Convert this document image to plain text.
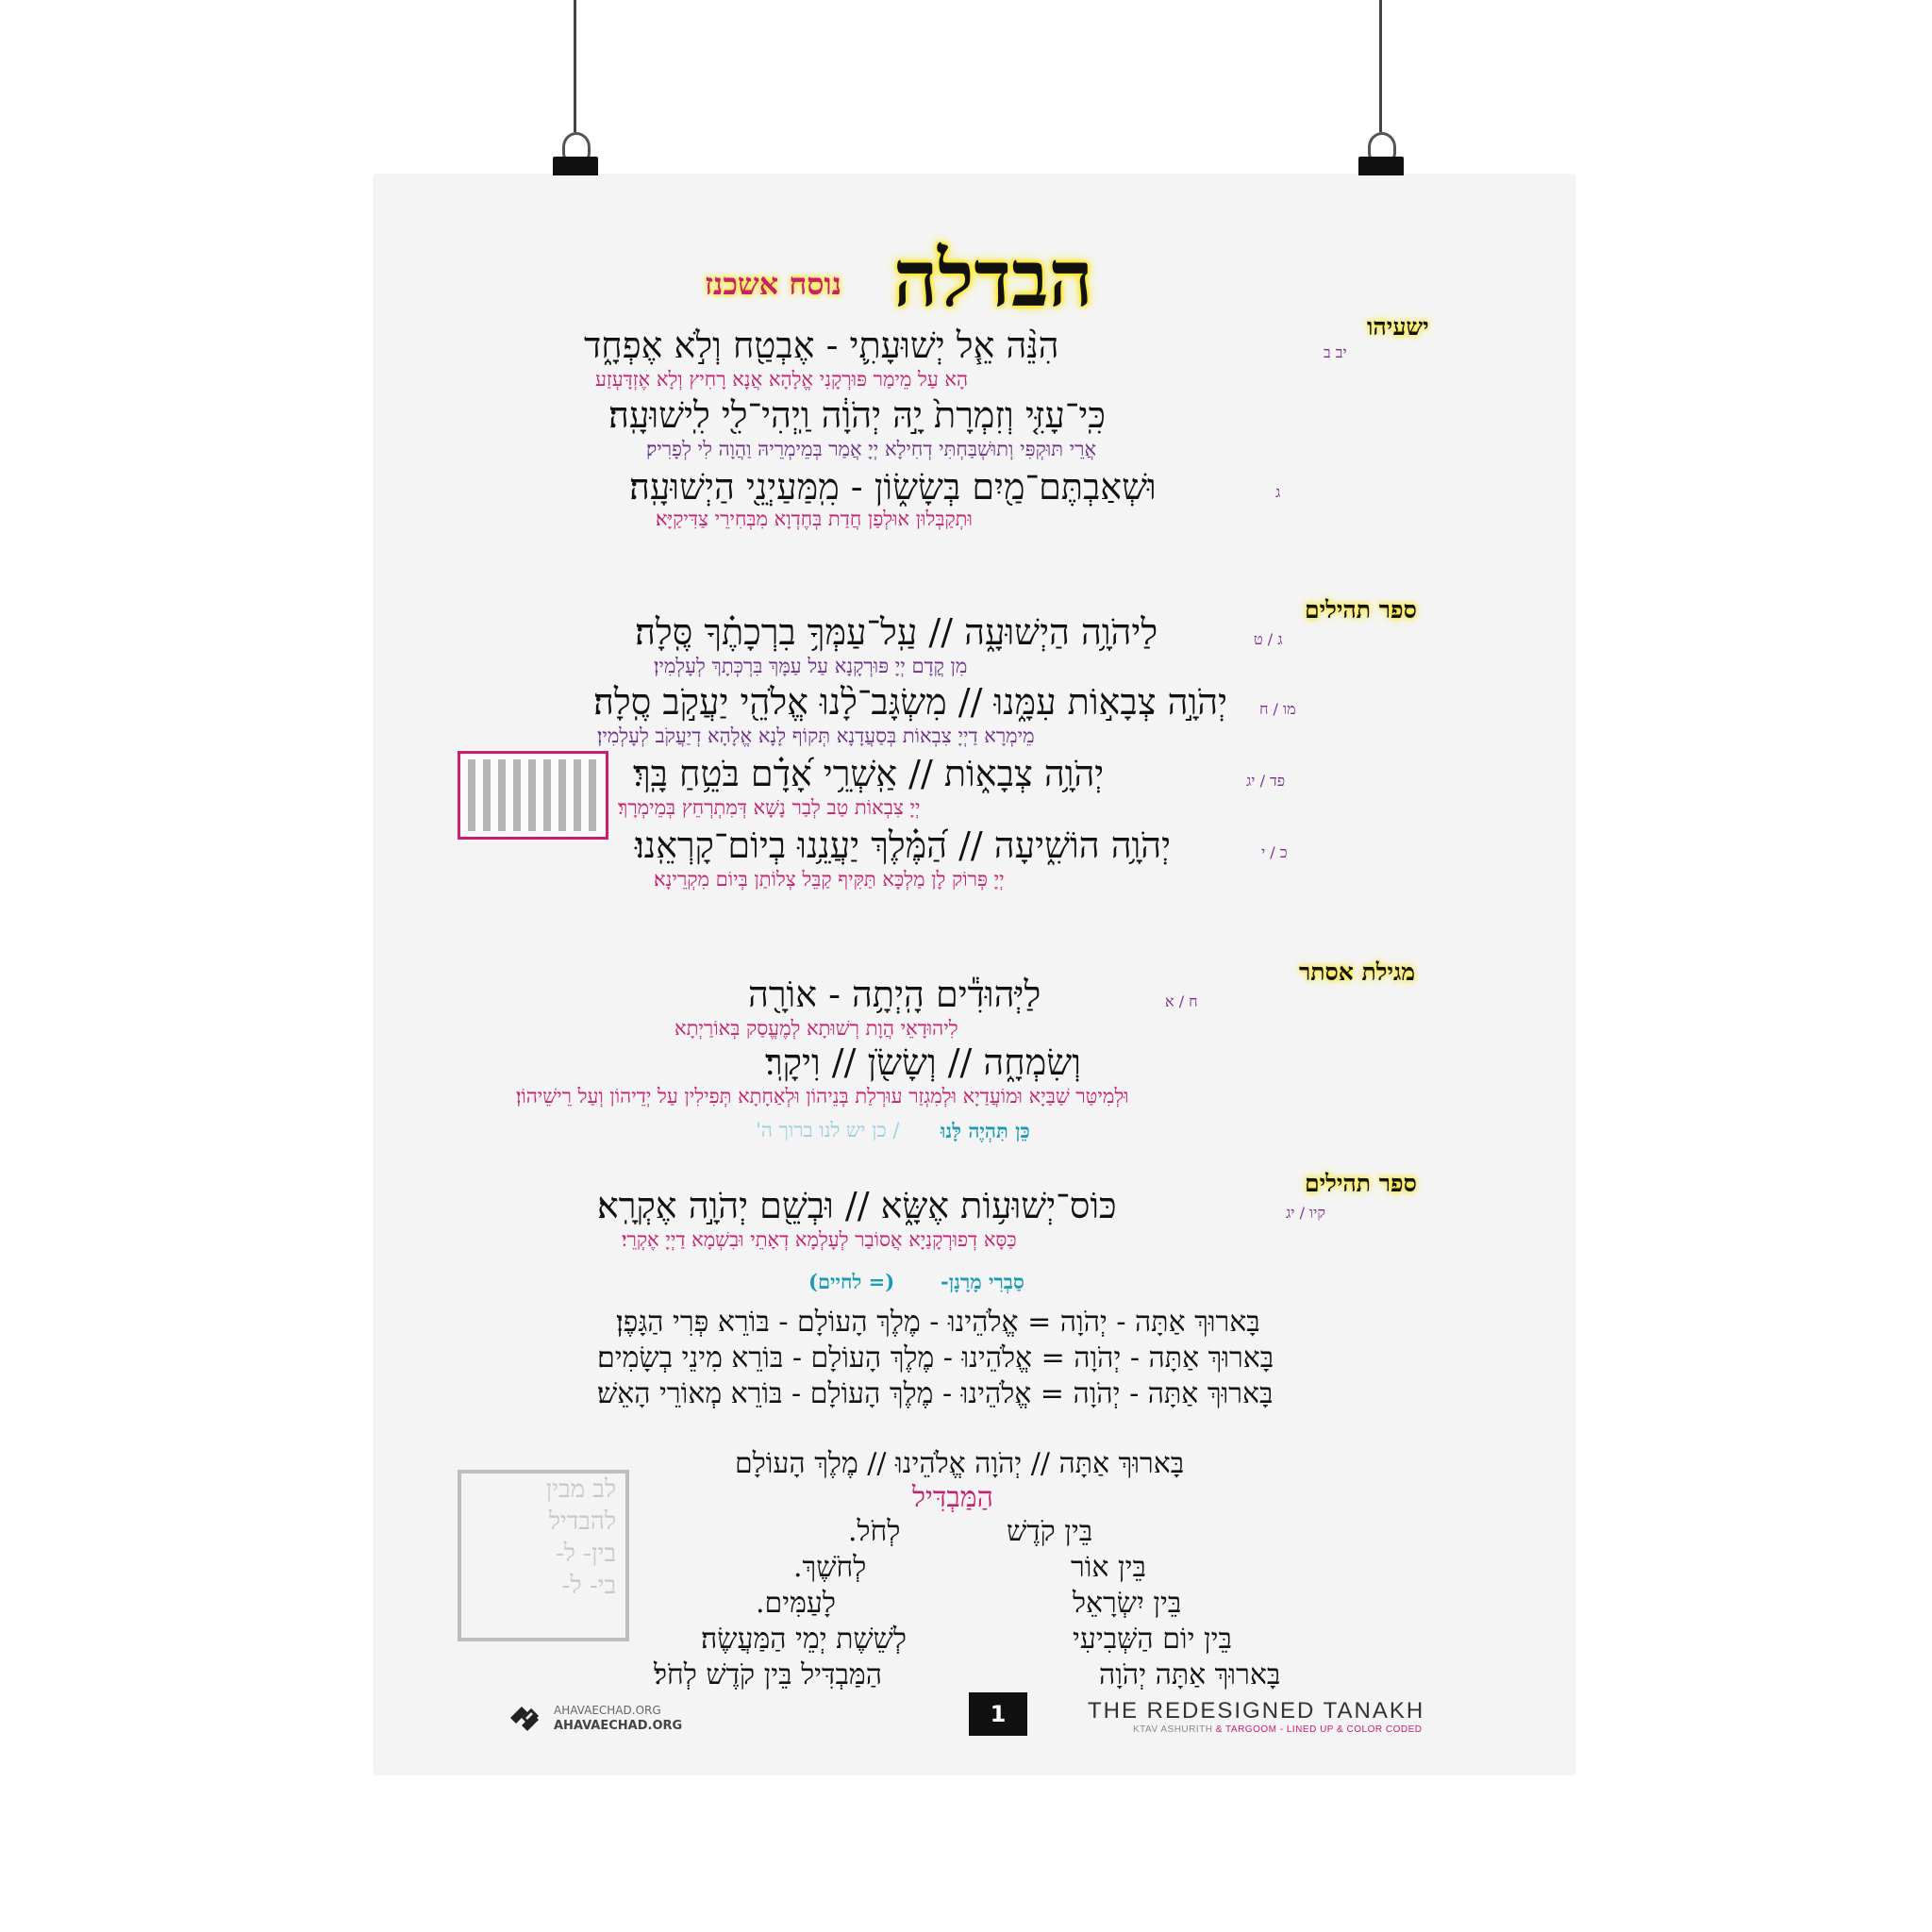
הבדלה
נוסח אשכנז
ישעיהו
יב ב
הִנֵּ֨ה אֵ֧ל יְשׁוּעָתִ֛י - אֶבְטַ֖ח וְלֹ֣א אֶפְחָ֑ד
הָא עַל מֵימַר פּוּרְקָנִי אֱלָהָא אֲנָא רָחִיץ וְלָא אֶזְדָּעְזַע
כִּֽי־עָזִּ֤י וְזִמְרָת֙ יָ֣הּ יְהֹוָ֔ה וַֽיְהִי־לִ֖י לִֽישׁוּעָֽה׃
אֲרֵי תּוּקְפִּי וְתוּשְׁבַּחְתִּי דְחִילָא יְיָ אֲמַר בְּמֵימְרֵיהּ וַהֲוָה לִי לְפָרִיק׃
ג
וּשְׁאַבְתֶּם־מַ֖יִם בְּשָׂשׂ֑וֹן - מִֽמַּעַיְנֵ֖י הַיְשׁוּעָֽה׃
וּתְקַבְּלוּן אוּלְפַן חֲדַת בְּחֶדְוָא מִבְּחִירֵי צַדִּיקַיָּא׃
ספר תהילים
ג / ט
לַיהֹוָ֥ה הַיְשׁוּעָ֑ה // עַֽל־עַמְּךָ֥ בִרְכָתֶ֗ךָ סֶּֽלָה׃
מִן קֳדָם יְיָ פּוּרְקָנָא עַל עַמָּךְ בִּרְכְּתָךְ לְעָלְמִין׃
מו / ח
יְהֹוָ֣ה צְבָא֣וֹת עִמָּ֑נוּ // מִשְׂגָּב־לָ֨נוּ אֱלֹהֵ֖י יַעֲקֹ֣ב סֶֽלָה׃
מֵימְרָא דַיְיָ צִבְאוֹת בְּסַעֲדָנָא תְּקוֹף לָנָא אֱלָהָא דְיַעֲקֹב לְעָלְמִין׃
פד / יג
יְהֹוָ֥ה צְבָא֑וֹת // אַֽשְׁרֵ֥י אָ֝דָ֗ם בֹּטֵ֥חַ בָּֽךְ׃
יְיָ צִבְאוֹת טַב לְבַר נָשָׁא דְּמִתְרְחֵץ בְּמֵימְרָךְ׃
כ / י
יְהֹוָ֥ה הוֹשִׁ֑יעָה // הַ֝מֶּ֗לֶךְ יַעֲנֵ֥נוּ בְיוֹם־קָרְאֵֽנוּ׃
יְיָ פְּרוֹק לָן מַלְכָּא תַּקִּיף קַבֵּל צְלוֹתַן בְּיוֹם מִקְרֵינָא׃
מגילת אסתר
ח / א
לַיְּהוּדִ֕ים הָֽיְתָ֥ה - אוֹרָ֖ה
לִיהוּדָאֵי הֲוָת רְשׁוּתָא לְמֶעֱסַק בְּאוֹרַיְתָא
וְשִׂמְחָ֑ה // וְשָׂשֹׂ֖ן // וִיקָֽר׃
וּלְמִיטַּר שַׁבַּיָא וּמוֹעֲדַיָא וּלְמִגְזַר עוּרְלַת בְּנֵיהוֹן וּלְאַחָתָא תְּפִילִין עַל יְדֵיהוֹן וְעַל רֵישֵׁיהוֹן׃
כֵּן תִּהְיֶה לָּנוּ
/ כן יש לנו ברוך ה'
ספר תהילים
קיו / יג
כּוֹס־יְשׁוּע֥וֹת אֶשָּׂ֑א // וּבְשֵׁ֖ם יְהֹוָ֣ה אֶקְרָֽא׃
כַּסָּא דְפוּרְקָנַיָא אֲסוֹבַר לְעָלְמָא דְאָתֵי וּבִשְׁמָא דַיְיָ אֶקְרֵי׃
סַבְרִי מָרָנָן-
(לחיים =)
בָּארוּךְ אַתָּה - יְהֹוָה = אֱלֹהֵינוּ - מֶלֶךְ הָעוֹלָם - בּוֹרֵא פְּרִי הַגָּפֶן׃
בָּארוּךְ אַתָּה - יְהֹוָה = אֱלֹהֵינוּ - מֶלֶךְ הָעוֹלָם - בּוֹרֵא מִינֵי בְשָׂמִים׃
בָּארוּךְ אַתָּה - יְהֹוָה = אֱלֹהֵינוּ - מֶלֶךְ הָעוֹלָם - בּוֹרֵא מְאוֹרֵי הָאֵשׁ׃
בָּארוּךְ אַתָּה // יְהֹוָה אֱלֹהֵינוּ // מֶלֶךְ הָעוֹלָם
הַמַּבְדִּיל
בֵּין קֹדֶשׁ
לְחֹל.
בֵּין אוֹר
לְחֹשֶׁךְ.
בֵּין יִשְׂרָאֵל
לָעַמִּים.
בֵּין יוֹם הַשְּׁבִיעִי
לְשֵׁשֶׁת יְמֵי הַמַּעֲשֶׂה׃
בָּארוּךְ אַתָּה יְהֹוָה
הַמַּבְדִּיל בֵּין קֹדֶשׁ לְחֹל׃
לב מבין
להבדיל
בין- ל-
בי- ל-
AHAVAECHAD.ORG
AHAVAECHAD.ORG	1	THE REDESIGNED TANAKH
KTAV ASHURITH & TARGOOM - LINED UP & COLOR CODED
